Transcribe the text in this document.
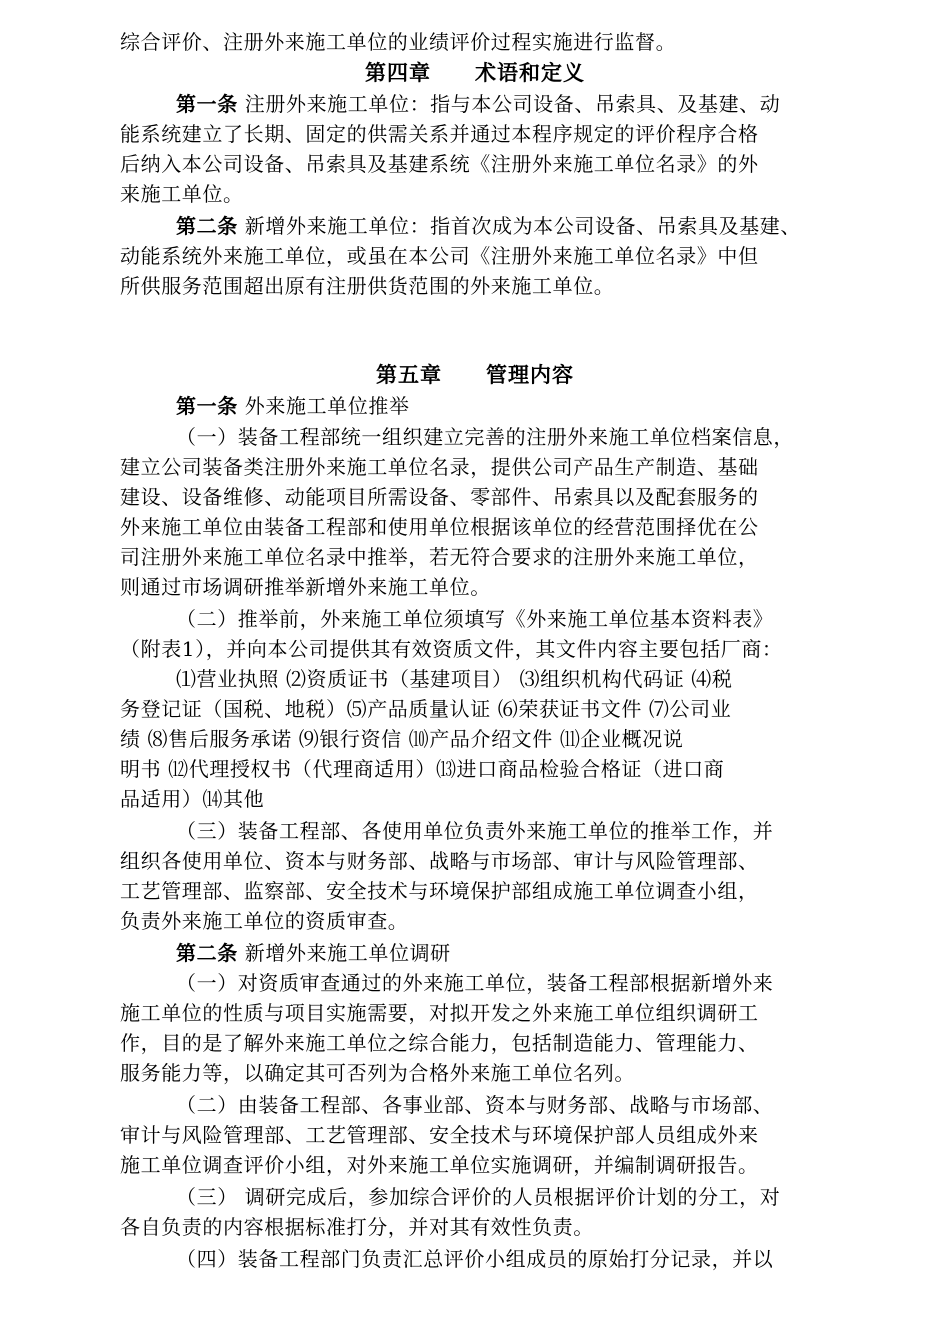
综合评价、注册外来施工单位的业绩评价过程实施进行监督。
第四章 术语和定义
第一条 注册外来施工单位：指与本公司设备、吊索具、及基建、动
能系统建立了长期、固定的供需关系并通过本程序规定的评价程序合格
后纳入本公司设备、吊索具及基建系统《注册外来施工单位名录》的外
来施工单位。
第二条 新增外来施工单位：指首次成为本公司设备、吊索具及基建、
动能系统外来施工单位，或虽在本公司《注册外来施工单位名录》中但
所供服务范围超出原有注册供货范围的外来施工单位。
第五章 管理内容
第一条 外来施工单位推举
（一）装备工程部统一组织建立完善的注册外来施工单位档案信息，
建立公司装备类注册外来施工单位名录，提供公司产品生产制造、基础
建设、设备维修、动能项目所需设备、零部件、吊索具以及配套服务的
外来施工单位由装备工程部和使用单位根据该单位的经营范围择优在公
司注册外来施工单位名录中推举，若无符合要求的注册外来施工单位，
则通过市场调研推举新增外来施工单位。
（二）推举前，外来施工单位须填写《外来施工单位基本资料表》
（附表1），并向本公司提供其有效资质文件，其文件内容主要包括厂商：
⑴营业执照 ⑵资质证书（基建项目） ⑶组织机构代码证 ⑷税
务登记证（国税、地税）⑸产品质量认证 ⑹荣获证书文件 ⑺公司业
绩 ⑻售后服务承诺 ⑼银行资信 ⑽产品介绍文件 ⑾企业概况说
明书 ⑿代理授权书（代理商适用）⒀进口商品检验合格证（进口商
品适用）⒁其他
（三）装备工程部、各使用单位负责外来施工单位的推举工作，并
组织各使用单位、资本与财务部、战略与市场部、审计与风险管理部、
工艺管理部、监察部、安全技术与环境保护部组成施工单位调查小组，
负责外来施工单位的资质审查。
第二条 新增外来施工单位调研
（一）对资质审查通过的外来施工单位，装备工程部根据新增外来
施工单位的性质与项目实施需要，对拟开发之外来施工单位组织调研工
作，目的是了解外来施工单位之综合能力，包括制造能力、管理能力、
服务能力等，以确定其可否列为合格外来施工单位名列。
（二）由装备工程部、各事业部、资本与财务部、战略与市场部、
审计与风险管理部、工艺管理部、安全技术与环境保护部人员组成外来
施工单位调查评价小组，对外来施工单位实施调研，并编制调研报告。
（三） 调研完成后，参加综合评价的人员根据评价计划的分工，对
各自负责的内容根据标准打分，并对其有效性负责。
（四）装备工程部门负责汇总评价小组成员的原始打分记录，并以
